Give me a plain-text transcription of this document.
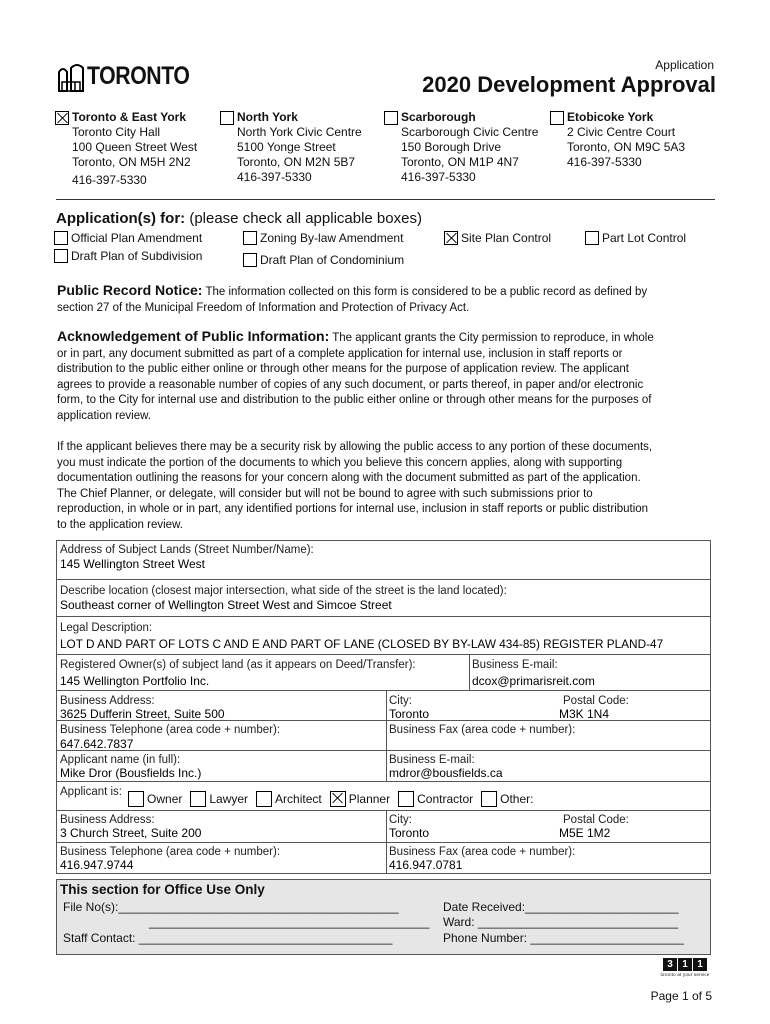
TORONTO	Application
2020 Development Approval
Toronto & East York
Toronto City Hall
100 Queen Street West
Toronto, ON M5H 2N2
416-397-5330
North York
North York Civic Centre
5100 Yonge Street
Toronto, ON M2N 5B7
416-397-5330
Scarborough
Scarborough Civic Centre
150 Borough Drive
Toronto, ON M1P 4N7
416-397-5330
Etobicoke York
2 Civic Centre Court
Toronto, ON M9C 5A3
416-397-5330
Application(s) for: (please check all applicable boxes)
Official Plan Amendment	Zoning By-law Amendment	Site Plan Control	Part Lot Control
Draft Plan of Subdivision	Draft Plan of Condominium
Public Record Notice: The information collected on this form is considered to be a public record as defined by
section 27 of the Municipal Freedom of Information and Protection of Privacy Act.
Acknowledgement of Public Information: The applicant grants the City permission to reproduce, in whole
or in part, any document submitted as part of a complete application for internal use, inclusion in staff reports or
distribution to the public either online or through other means for the purpose of application review. The applicant
agrees to provide a reasonable number of copies of any such document, or parts thereof, in paper and/or electronic
form, to the City for internal use and distribution to the public either online or through other means for the purposes of
application review.
If the applicant believes there may be a security risk by allowing the public access to any portion of these documents,
you must indicate the portion of the documents to which you believe this concern applies, along with supporting
documentation outlining the reasons for your concern along with the document submitted as part of the application.
The Chief Planner, or delegate, will consider but will not be bound to agree with such submissions prior to
reproduction, in whole or in part, any identified portions for internal use, inclusion in staff reports or public distribution
to the application review.
Address of Subject Lands (Street Number/Name):
145 Wellington Street West
Describe location (closest major intersection, what side of the street is the land located):
Southeast corner of Wellington Street West and Simcoe Street
Legal Description:
LOT D AND PART OF LOTS C AND E AND PART OF LANE (CLOSED BY BY-LAW 434-85) REGISTER PLAND-47
Registered Owner(s) of subject land (as it appears on Deed/Transfer):
145 Wellington Portfolio Inc.
Business E-mail:
dcox@primarisreit.com
Business Address:
3625 Dufferin Street, Suite 500
City:
Toronto
Postal Code:
M3K 1N4
Business Telephone (area code + number):
647.642.7837
Business Fax (area code + number):
Applicant name (in full):
Mike Dror (Bousfields Inc.)
Business E-mail:
mdror@bousfields.ca
Applicant is: Owner Lawyer Architect Planner Contractor Other:
Business Address:
3 Church Street, Suite 200
City:
Toronto
Postal Code:
M5E 1M2
Business Telephone (area code + number):
416.947.9744
Business Fax (area code + number):
416.947.0781
This section for Office Use Only
File No(s):__________________________________________
__________________________________________
Staff Contact: ______________________________________
Date Received:_______________________
Ward: ______________________________
Phone Number: _______________________
3 1 1
toronto at your service
Page 1 of 5
